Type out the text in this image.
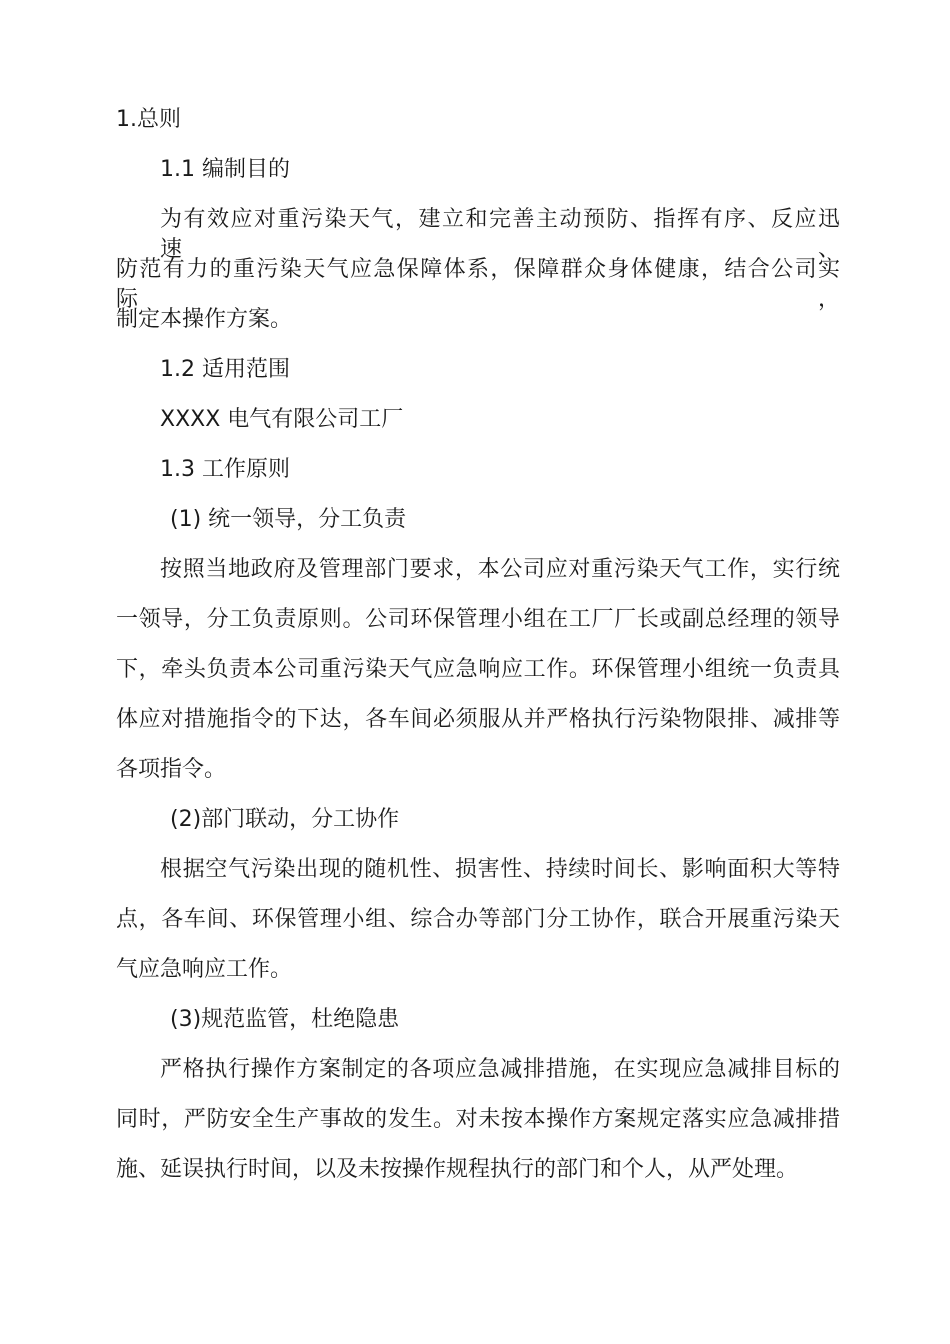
1.总则
1.1 编制目的
为有效应对重污染天气，建立和完善主动预防、指挥有序、反应迅速、
防范有力的重污染天气应急保障体系，保障群众身体健康，结合公司实际，
制定本操作方案。
1.2 适用范围
XXXX 电气有限公司工厂
1.3 工作原则
(1) 统一领导，分工负责
按照当地政府及管理部门要求，本公司应对重污染天气工作，实行统
一领导，分工负责原则。公司环保管理小组在工厂厂长或副总经理的领导
下，牵头负责本公司重污染天气应急响应工作。环保管理小组统一负责具
体应对措施指令的下达，各车间必须服从并严格执行污染物限排、减排等
各项指令。
(2)部门联动，分工协作
根据空气污染出现的随机性、损害性、持续时间长、影响面积大等特
点，各车间、环保管理小组、综合办等部门分工协作，联合开展重污染天
气应急响应工作。
(3)规范监管，杜绝隐患
严格执行操作方案制定的各项应急减排措施，在实现应急减排目标的
同时，严防安全生产事故的发生。对未按本操作方案规定落实应急减排措
施、延误执行时间，以及未按操作规程执行的部门和个人，从严处理。
